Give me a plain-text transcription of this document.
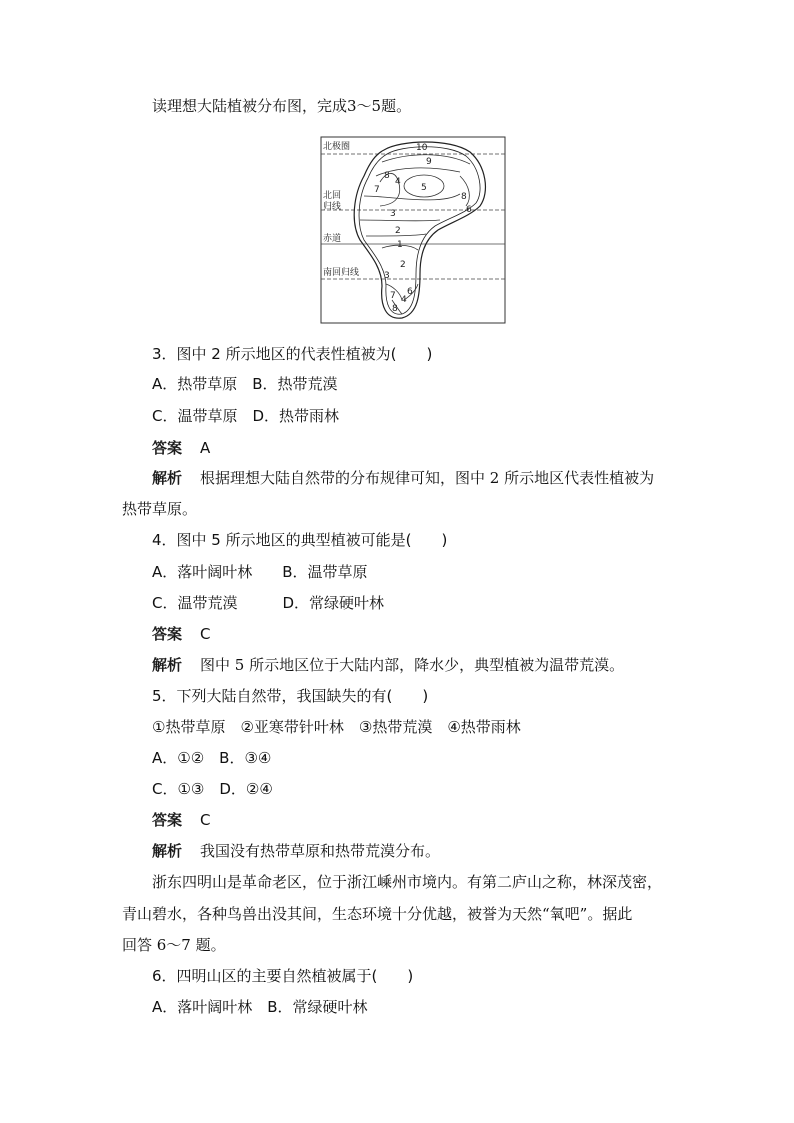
读理想大陆植被分布图，完成3～5题。
北极圈
北回
归线
赤道
南回归线
10
9
8
7
4
5
3
8
6
2
1
2
3
7 4
6
8
3．图中 2 所示地区的代表性植被为(　　)
A．热带草原　B．热带荒漠
C．温带草原　D．热带雨林
答案 A
解析 根据理想大陆自然带的分布规律可知，图中 2 所示地区代表性植被为
热带草原。
4．图中 5 所示地区的典型植被可能是(　　)
A．落叶阔叶林　　B．温带草原
C．温带荒漠　　　D．常绿硬叶林
答案 C
解析 图中 5 所示地区位于大陆内部，降水少，典型植被为温带荒漠。
5．下列大陆自然带，我国缺失的有(　　)
①热带草原　②亚寒带针叶林　③热带荒漠　④热带雨林
A．①②　B．③④
C．①③　D．②④
答案 C
解析 我国没有热带草原和热带荒漠分布。
浙东四明山是革命老区，位于浙江嵊州市境内。有第二庐山之称，林深茂密，
青山碧水，各种鸟兽出没其间，生态环境十分优越，被誉为天然“氧吧”。据此
回答 6～7 题。
6．四明山区的主要自然植被属于(　　)
A．落叶阔叶林　B．常绿硬叶林
